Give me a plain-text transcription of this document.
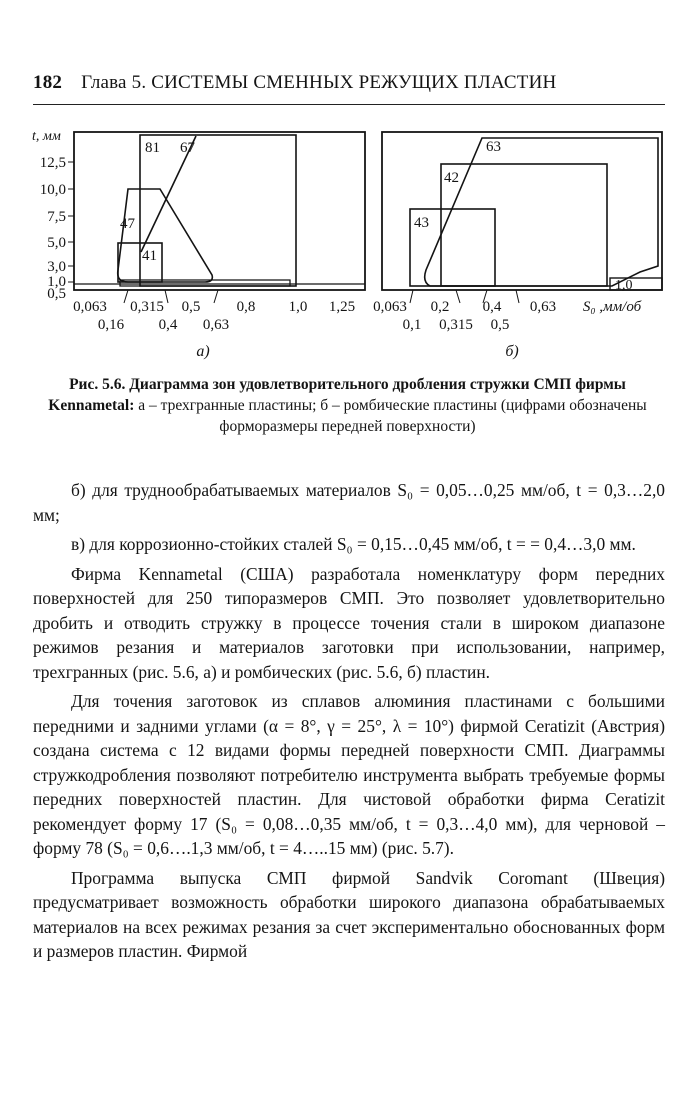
182 Глава 5. СИСТЕМЫ СМЕННЫХ РЕЖУЩИХ ПЛАСТИН
t, мм
12,5
10,0
7,5
5,0
3,0
1,0
0,5
81 67
47
41
0,063 0,315 0,5 0,8 1,0 1,25
0,16 0,4 0,63
а)
63
42
43
1,0
0,063 0,2 0,4 0,63 S₀ ,мм/об
0,1 0,315 0,5
б)
Рис. 5.6. Диаграмма зон удовлетворительного дробления стружки СМП фирмы Kennametal: а – трехгранные пластины; б – ромбические пластины (цифрами обозначены форморазмеры передней поверхности)

б) для труднообрабатываемых материалов S₀ = 0,05…0,25 мм/об, t = 0,3…2,0 мм;

в) для коррозионно-стойких сталей S₀ = 0,15…0,45 мм/об, t = = 0,4…3,0 мм.

Фирма Kennametal (США) разработала номенклатуру форм передних поверхностей для 250 типоразмеров СМП. Это позволяет удовлетворительно дробить и отводить стружку в процессе точения стали в широком диапазоне режимов резания и материалов заготовки при использовании, например, трехгранных (рис. 5.6, а) и ромбических (рис. 5.6, б) пластин.

Для точения заготовок из сплавов алюминия пластинами с большими передними и задними углами (α = 8°, γ = 25°, λ = 10°) фирмой Ceratizit (Австрия) создана система с 12 видами формы передней поверхности СМП. Диаграммы стружкодробления позволяют потребителю инструмента выбрать требуемые формы передних поверхностей пластин. Для чистовой обработки фирма Ceratizit рекомендует форму 17 (S₀ = 0,08…0,35 мм/об, t = 0,3…4,0 мм), для черновой – форму 78 (S₀ = 0,6….1,3 мм/об, t = 4…..15 мм) (рис. 5.7).

Программа выпуска СМП фирмой Sandvik Coromant (Швеция) предусматривает возможность обработки широкого диапазона обрабатываемых материалов на всех режимах резания за счет экспериментально обоснованных форм и размеров пластин. Фирмой
